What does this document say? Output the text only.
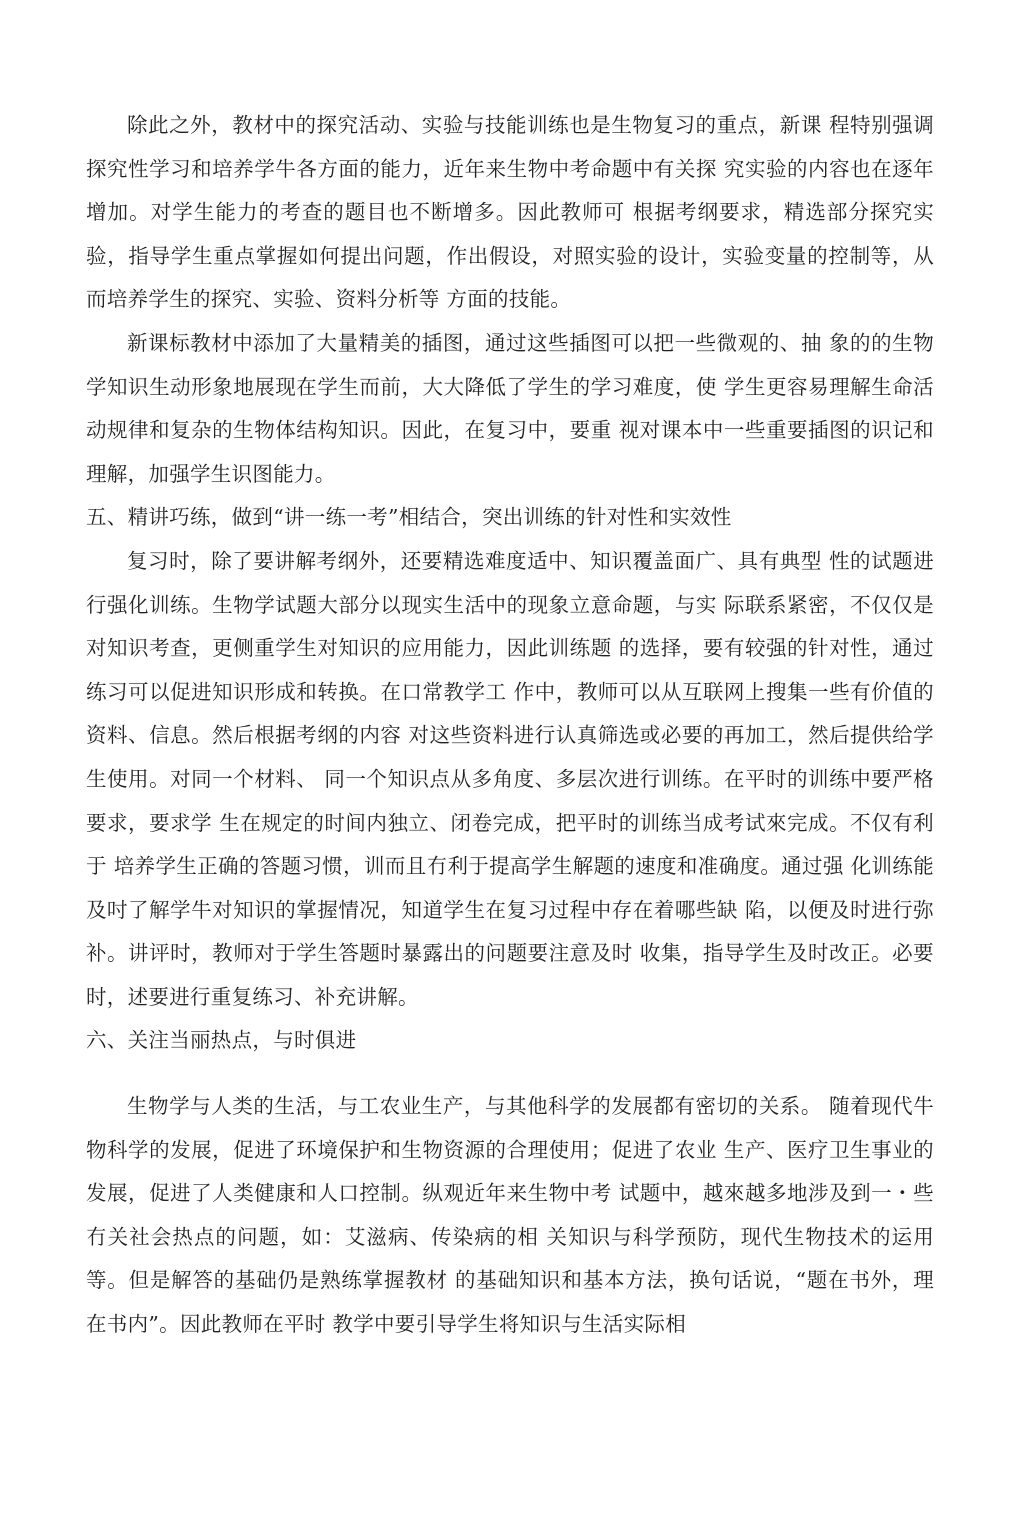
除此之外，教材中的探究活动、实验与技能训练也是生物复习的重点，新课 程特别强调探究性学习和培养学牛各方面的能力，近年来生物中考命题中有关探 究实验的内容也在逐年增加。对学生能力的考查的题目也不断增多。因此教师可 根据考纲要求，精选部分探究实验，指导学生重点掌握如何提出问题，作出假设，对照实验的设计，实验变量的控制等，从而培养学生的探究、实验、资料分析等 方面的技能。

新课标教材中添加了大量精美的插图，通过这些插图可以把一些微观的、抽 象的的生物学知识生动形象地展现在学生而前，大大降低了学生的学习难度，使 学生更容易理解生命活动规律和复杂的生物体结构知识。因此，在复习中，要重 视对课本中一些重要插图的识记和理解，加强学生识图能力。

五、精讲巧练，做到“讲一练一考”相结合，突出训练的针对性和实效性

复习时，除了要讲解考纲外，还要精选难度适中、知识覆盖面广、具有典型 性的试题进行强化训练。生物学试题大部分以现实生活中的现象立意命题，与实 际联系紧密，不仅仅是对知识考查，更侧重学生对知识的应用能力，因此训练题 的选择，要有较强的针对性，通过练习可以促进知识形成和转换。在口常教学工 作中，教师可以从互联网上搜集一些有价值的资料、信息。然后根据考纲的内容 对这些资料进行认真筛选或必要的再加工，然后提供给学生使用。对同一个材料、 同一个知识点从多角度、多层次进行训练。在平时的训练中要严格要求，要求学 生在规定的时间内独立、闭卷完成，把平时的训练当成考试來完成。不仅有利于 培养学生正确的答题习惯，训而且冇利于提高学生解题的速度和准确度。通过强 化训练能及吋了解学牛对知识的掌握情况，知道学生在复习过程中存在着哪些缺 陷，以便及时进行弥补。讲评时，教师对于学生答题时暴露出的问题要注意及时 收集，指导学生及时改正。必要时，述要进行重复练习、补充讲解。

六、关注当丽热点，与时俱进

生物学与人类的生活，与工农业生产，与其他科学的发展都有密切的关系。 随着现代牛物科学的发展，促进了环境保护和生物资源的合理使用；促进了农业 生产、医疗卫生事业的发展，促进了人类健康和人口控制。纵观近年来生物中考 试题中，越來越多地涉及到一・些冇关社会热点的问题，如：艾滋病、传染病的相 关知识与科学预防，现代生物技术的运用等。但是解答的基础仍是熟练掌握教材 的基础知识和基本方法，换句话说，“题在书外，理在书内”。因此教师在平时 教学中要引导学生将知识与生活实际相
